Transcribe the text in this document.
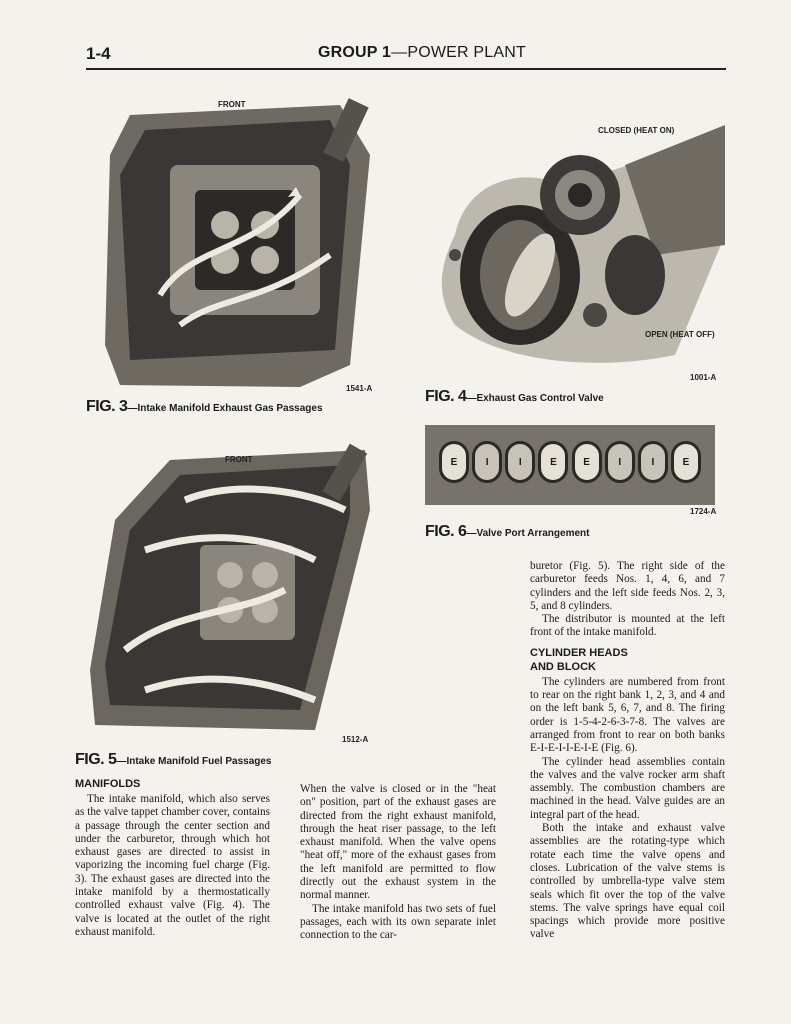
1-4	GROUP 1—POWER PLANT
FRONT
1541-A
FIG. 3—Intake Manifold Exhaust Gas Passages
CLOSED (HEAT ON)
OPEN (HEAT OFF)
1001-A
FIG. 4—Exhaust Gas Control Valve
E	I	I	E	E	I	I	E
1724-A
FIG. 6—Valve Port Arrangement
FRONT
1512-A
FIG. 5—Intake Manifold Fuel Passages
MANIFOLDS

The intake manifold, which also serves as the valve tappet chamber cover, contains a passage through the center section and under the carburetor, through which hot exhaust gases are directed to assist in vaporizing the incoming fuel charge (Fig. 3). The exhaust gases are directed into the intake manifold by a thermostatically controlled exhaust valve (Fig. 4). The valve is located at the outlet of the right exhaust manifold.

When the valve is closed or in the "heat on" position, part of the exhaust gases are directed from the right exhaust manifold, through the heat riser passage, to the left exhaust manifold. When the valve opens "heat off," more of the exhaust gases from the left manifold are permitted to flow directly out the exhaust system in the normal manner.

The intake manifold has two sets of fuel passages, each with its own separate inlet connection to the car-

buretor (Fig. 5). The right side of the carburetor feeds Nos. 1, 4, 6, and 7 cylinders and the left side feeds Nos. 2, 3, 5, and 8 cylinders.

The distributor is mounted at the left front of the intake manifold.

CYLINDER HEADS
AND BLOCK

The cylinders are numbered from front to rear on the right bank 1, 2, 3, and 4 and on the left bank 5, 6, 7, and 8. The firing order is 1-5-4-2-6-3-7-8. The valves are arranged from front to rear on both banks E-I-E-I-I-E-I-E (Fig. 6).

The cylinder head assemblies contain the valves and the valve rocker arm shaft assembly. The combustion chambers are machined in the head. Valve guides are an integral part of the head.

Both the intake and exhaust valve assemblies are the rotating-type which rotate each time the valve opens and closes. Lubrication of the valve stems is controlled by umbrella-type valve stem seals which fit over the top of the valve stems. The valve springs have equal coil spacings which provide more positive valve
